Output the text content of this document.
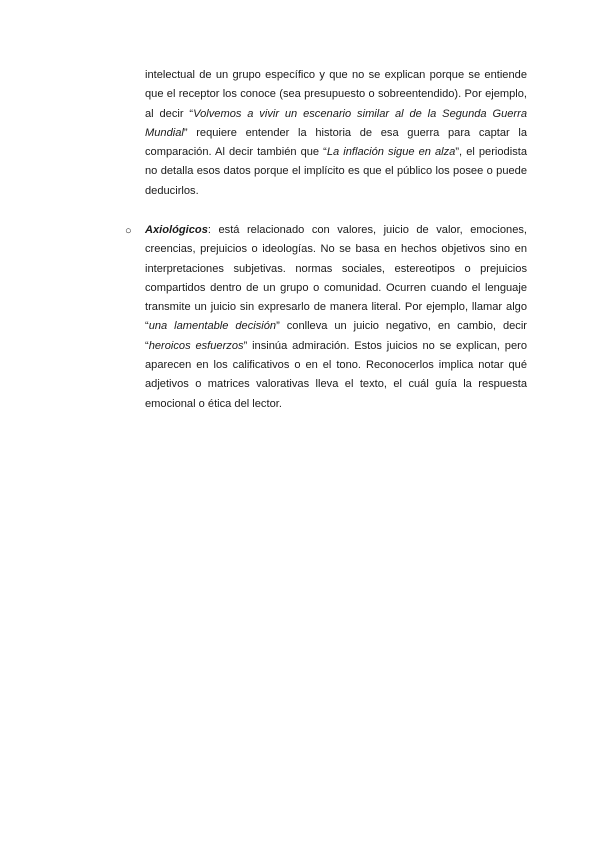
intelectual de un grupo específico y que no se explican porque se entiende que el receptor los conoce (sea presupuesto o sobreentendido). Por ejemplo, al decir “Volvemos a vivir un escenario similar al de la Segunda Guerra Mundial” requiere entender la historia de esa guerra para captar la comparación. Al decir también que “La inflación sigue en alza”, el periodista no detalla esos datos porque el implícito es que el público los posee o puede deducirlos.

○ Axiológicos: está relacionado con valores, juicio de valor, emociones, creencias, prejuicios o ideologías. No se basa en hechos objetivos sino en interpretaciones subjetivas. normas sociales, estereotipos o prejuicios compartidos dentro de un grupo o comunidad. Ocurren cuando el lenguaje transmite un juicio sin expresarlo de manera literal. Por ejemplo, llamar algo “una lamentable decisión” conlleva un juicio negativo, en cambio, decir “heroicos esfuerzos” insinúa admiración. Estos juicios no se explican, pero aparecen en los calificativos o en el tono. Reconocerlos implica notar qué adjetivos o matrices valorativas lleva el texto, el cuál guía la respuesta emocional o ética del lector.
